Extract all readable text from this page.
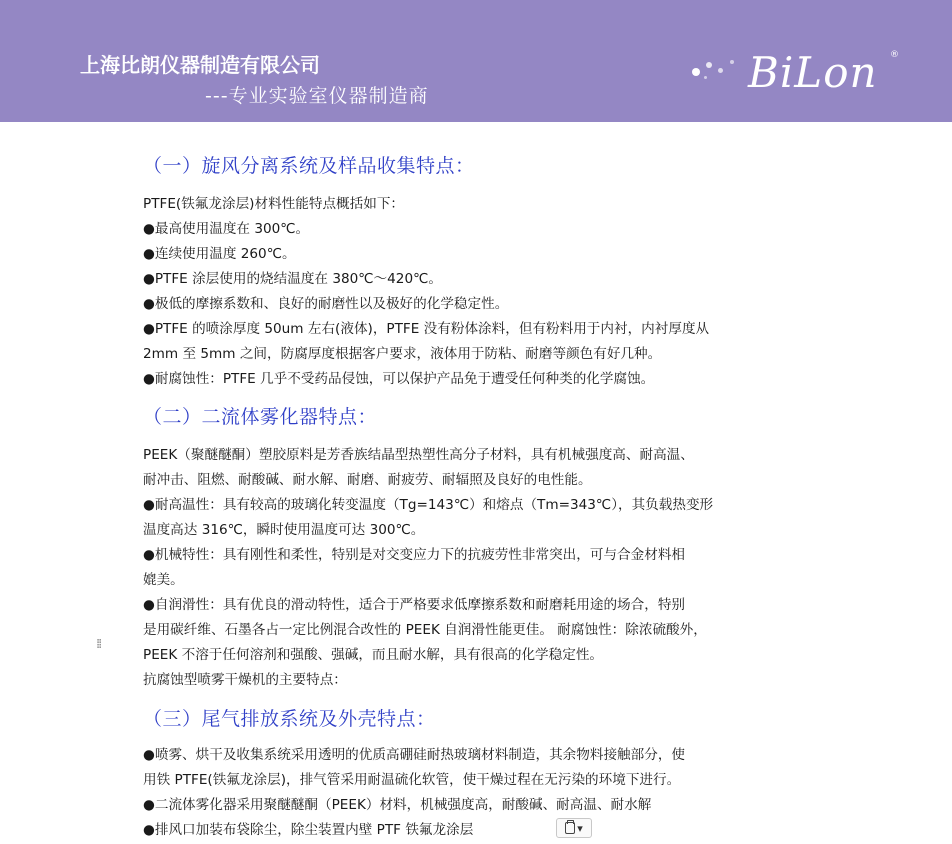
上海比朗仪器制造有限公司
---专业实验室仪器制造商	BiLon ®
（一）旋风分离系统及样品收集特点：
PTFE(铁氟龙涂层)材料性能特点概括如下：
●最高使用温度在 300℃。
●连续使用温度 260℃。
●PTFE 涂层使用的烧结温度在 380℃～420℃。
●极低的摩擦系数和、良好的耐磨性以及极好的化学稳定性。
●PTFE 的喷涂厚度 50um 左右(液体)，PTFE 没有粉体涂料，但有粉料用于内衬，内衬厚度从
2mm 至 5mm 之间，防腐厚度根据客户要求，液体用于防粘、耐磨等颜色有好几种。
●耐腐蚀性：PTFE 几乎不受药品侵蚀，可以保护产品免于遭受任何种类的化学腐蚀。
（二）二流体雾化器特点：
PEEK（聚醚醚酮）塑胶原料是芳香族结晶型热塑性高分子材料，具有机械强度高、耐高温、
耐冲击、阻燃、耐酸碱、耐水解、耐磨、耐疲劳、耐辐照及良好的电性能。
●耐高温性：具有较高的玻璃化转变温度（Tg=143℃）和熔点（Tm=343℃），其负载热变形
温度高达 316℃，瞬时使用温度可达 300℃。
●机械特性：具有刚性和柔性，特别是对交变应力下的抗疲劳性非常突出，可与合金材料相
媲美。
●自润滑性：具有优良的滑动特性，适合于严格要求低摩擦系数和耐磨耗用途的场合，特别
是用碳纤维、石墨各占一定比例混合改性的 PEEK 自润滑性能更佳。 耐腐蚀性：除浓硫酸外，
PEEK 不溶于任何溶剂和强酸、强碱，而且耐水解，具有很高的化学稳定性。
抗腐蚀型喷雾干燥机的主要特点：
⁞⁞
（三）尾气排放系统及外壳特点：
●喷雾、烘干及收集系统采用透明的优质高硼硅耐热玻璃材料制造，其余物料接触部分，使
用铁 PTFE(铁氟龙涂层)，排气管采用耐温硫化软管，使干燥过程在无污染的环境下进行。
●二流体雾化器采用聚醚醚酮（PEEK）材料，机械强度高，耐酸碱、耐高温、耐水解
●排风口加装布袋除尘，除尘装置内壁 PTF 铁氟龙涂层	▾
